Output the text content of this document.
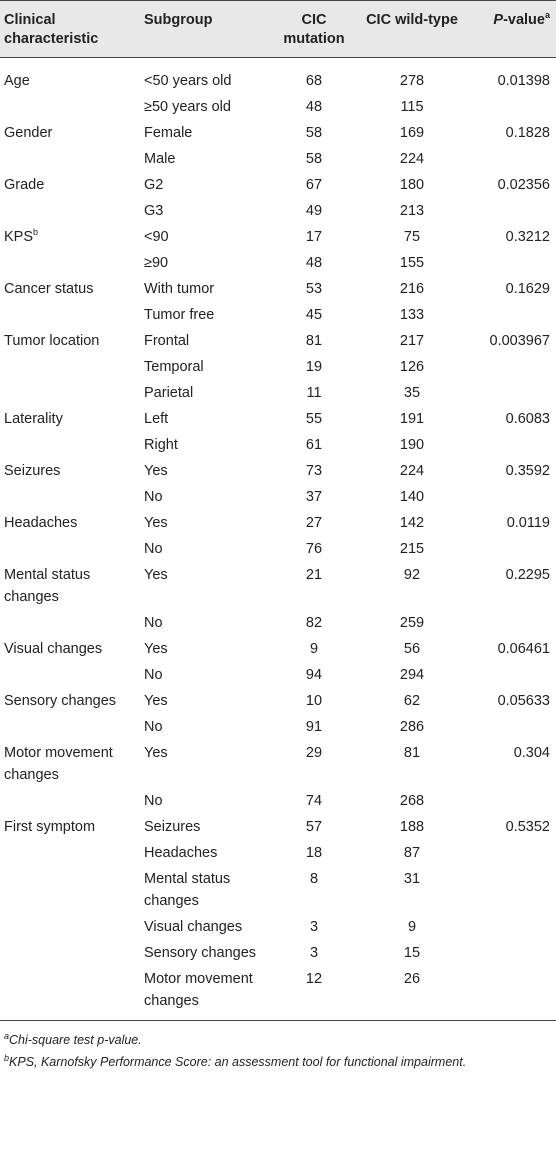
Clinical characteristic	Subgroup	CIC mutation	CIC wild-type	P-value$^a$
Age	<50 years old	68	278	0.01398
	≥50 years old	48	115	
Gender	Female	58	169	0.1828
	Male	58	224	
Grade	G2	67	180	0.02356
	G3	49	213	
$KPS^b$	<90	17	75	0.3212
	≥90	48	155	
Cancer status	With tumor	53	216	0.1629
	Tumor free	45	133	
Tumor location	Frontal	81	217	0.003967
	Temporal	19	126	
	Parietal	11	35	
Laterality	Left	55	191	0.6083
	Right	61	190	
Seizures	Yes	73	224	0.3592
	No	37	140	
Headaches	Yes	27	142	0.0119
	No	76	215	
Mental status changes	Yes	21	92	0.2295
	No	82	259	
Visual changes	Yes	9	56	0.06461
	No	94	294	
Sensory changes	Yes	10	62	0.05633
	No	91	286	
Motor movement changes	Yes	29	81	0.304
	No	74	268	
First symptom	Seizures	57	188	0.5352
	Headaches	18	87	
	Mental status changes	8	31	
	Visual changes	3	9	
	Sensory changes	3	15	
	Motor movement changes	12	26	
$^a$Chi-square test p-value.
$^b$KPS, Karnofsky Performance Score: an assessment tool for functional impairment.
